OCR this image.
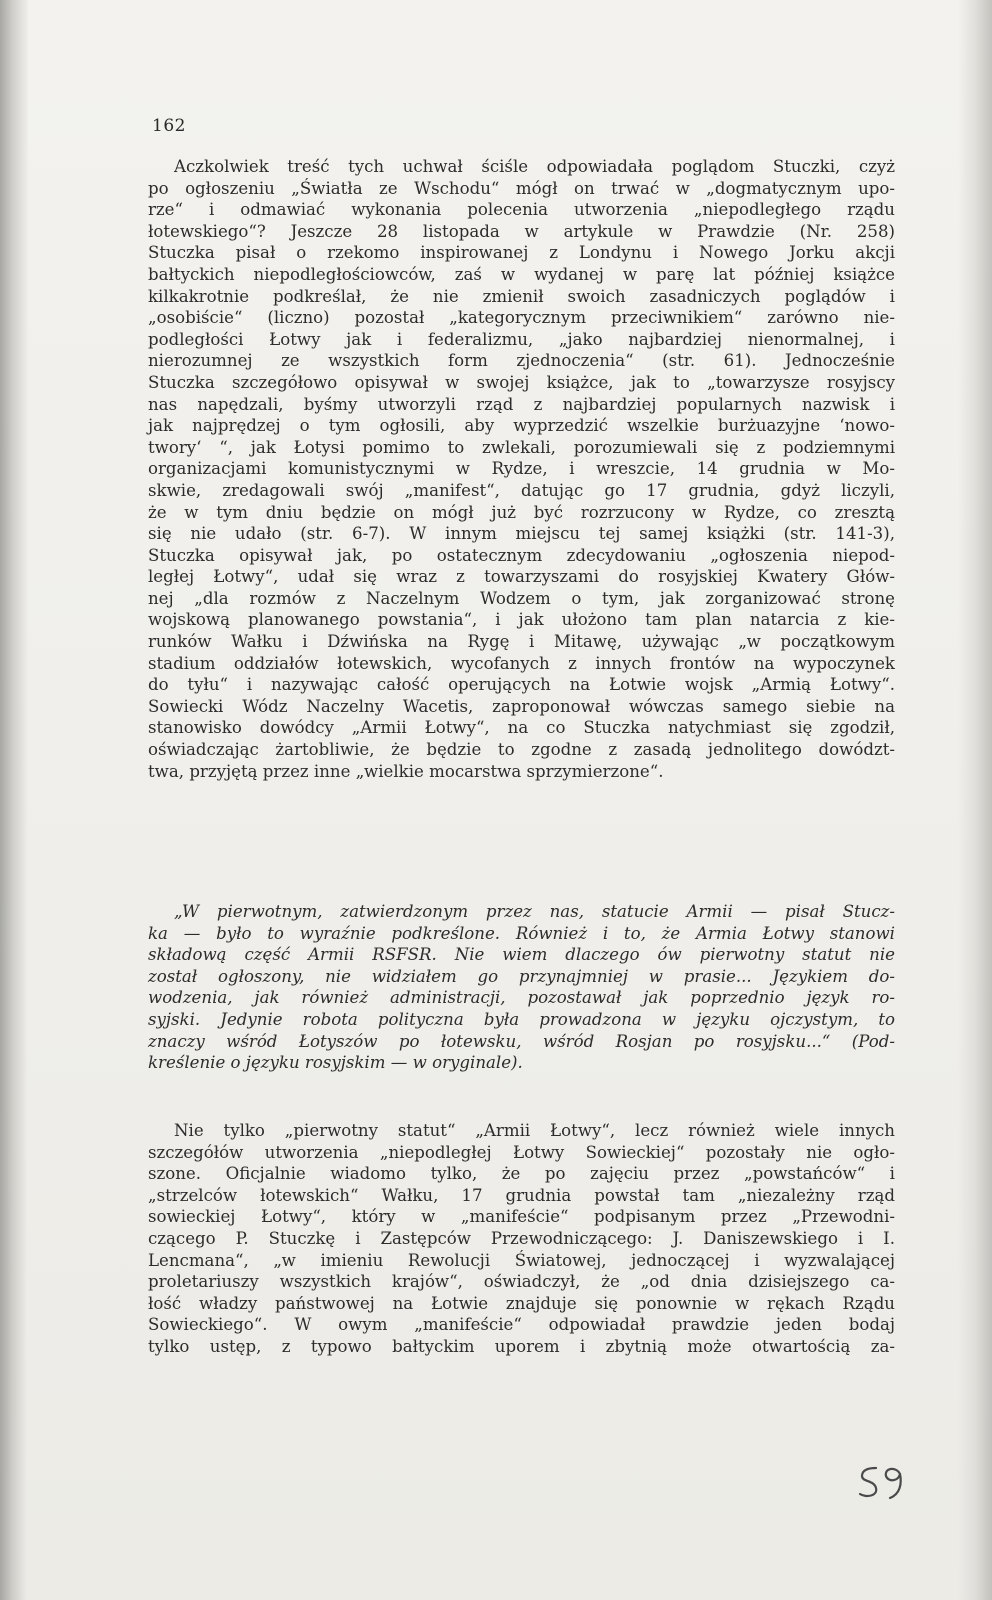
162
Aczkolwiek treść tych uchwał ściśle odpowiadała poglądom Stuczki, czyż
po ogłoszeniu „Światła ze Wschodu“ mógł on trwać w „dogmatycznym upo-
rze“ i odmawiać wykonania polecenia utworzenia „niepodległego rządu
łotewskiego“? Jeszcze 28 listopada w artykule w Prawdzie (Nr. 258)
Stuczka pisał o rzekomo inspirowanej z Londynu i Nowego Jorku akcji
bałtyckich niepodległościowców, zaś w wydanej w parę lat później książce
kilkakrotnie podkreślał, że nie zmienił swoich zasadniczych poglądów i
„osobiście“ (liczno) pozostał „kategorycznym przeciwnikiem“ zarówno nie-
podległości Łotwy jak i federalizmu, „jako najbardziej nienormalnej, i
nierozumnej ze wszystkich form zjednoczenia“ (str. 61). Jednocześnie
Stuczka szczegółowo opisywał w swojej książce, jak to „towarzysze rosyjscy
nas napędzali, byśmy utworzyli rząd z najbardziej popularnych nazwisk i
jak najprędzej o tym ogłosili, aby wyprzedzić wszelkie burżuazyjne ‘nowo-
twory‘ “, jak Łotysi pomimo to zwlekali, porozumiewali się z podziemnymi
organizacjami komunistycznymi w Rydze, i wreszcie, 14 grudnia w Mo-
skwie, zredagowali swój „manifest“, datując go 17 grudnia, gdyż liczyli,
że w tym dniu będzie on mógł już być rozrzucony w Rydze, co zresztą
się nie udało (str. 6-7). W innym miejscu tej samej książki (str. 141-3),
Stuczka opisywał jak, po ostatecznym zdecydowaniu „ogłoszenia niepod-
ległej Łotwy“, udał się wraz z towarzyszami do rosyjskiej Kwatery Głów-
nej „dla rozmów z Naczelnym Wodzem o tym, jak zorganizować stronę
wojskową planowanego powstania“, i jak ułożono tam plan natarcia z kie-
runków Wałku i Dźwińska na Rygę i Mitawę, używając „w początkowym
stadium oddziałów łotewskich, wycofanych z innych frontów na wypoczynek
do tyłu“ i nazywając całość operujących na Łotwie wojsk „Armią Łotwy“.
Sowiecki Wódz Naczelny Wacetis, zaproponował wówczas samego siebie na
stanowisko dowódcy „Armii Łotwy“, na co Stuczka natychmiast się zgodził,
oświadczając żartobliwie, że będzie to zgodne z zasadą jednolitego dowództ-
twa, przyjętą przez inne „wielkie mocarstwa sprzymierzone“.
„W pierwotnym, zatwierdzonym przez nas, statucie Armii — pisał Stucz-
ka — było to wyraźnie podkreślone. Również i to, że Armia Łotwy stanowi
składową część Armii RSFSR. Nie wiem dlaczego ów pierwotny statut nie
został ogłoszony, nie widziałem go przynajmniej w prasie... Językiem do-
wodzenia, jak również administracji, pozostawał jak poprzednio język ro-
syjski. Jedynie robota polityczna była prowadzona w języku ojczystym, to
znaczy wśród Łotyszów po łotewsku, wśród Rosjan po rosyjsku...“ (Pod-
kreślenie o języku rosyjskim — w oryginale).
Nie tylko „pierwotny statut“ „Armii Łotwy“, lecz również wiele innych
szczegółów utworzenia „niepodległej Łotwy Sowieckiej“ pozostały nie ogło-
szone. Oficjalnie wiadomo tylko, że po zajęciu przez „powstańców“ i
„strzelców łotewskich“ Wałku, 17 grudnia powstał tam „niezależny rząd
sowieckiej Łotwy“, który w „manifeście“ podpisanym przez „Przewodni-
czącego P. Stuczkę i Zastępców Przewodniczącego: J. Daniszewskiego i I.
Lencmana“, „w imieniu Rewolucji Światowej, jednoczącej i wyzwalającej
proletariuszy wszystkich krajów“, oświadczył, że „od dnia dzisiejszego ca-
łość władzy państwowej na Łotwie znajduje się ponownie w rękach Rządu
Sowieckiego“. W owym „manifeście“ odpowiadał prawdzie jeden bodaj
tylko ustęp, z typowo bałtyckim uporem i zbytnią może otwartością za-
